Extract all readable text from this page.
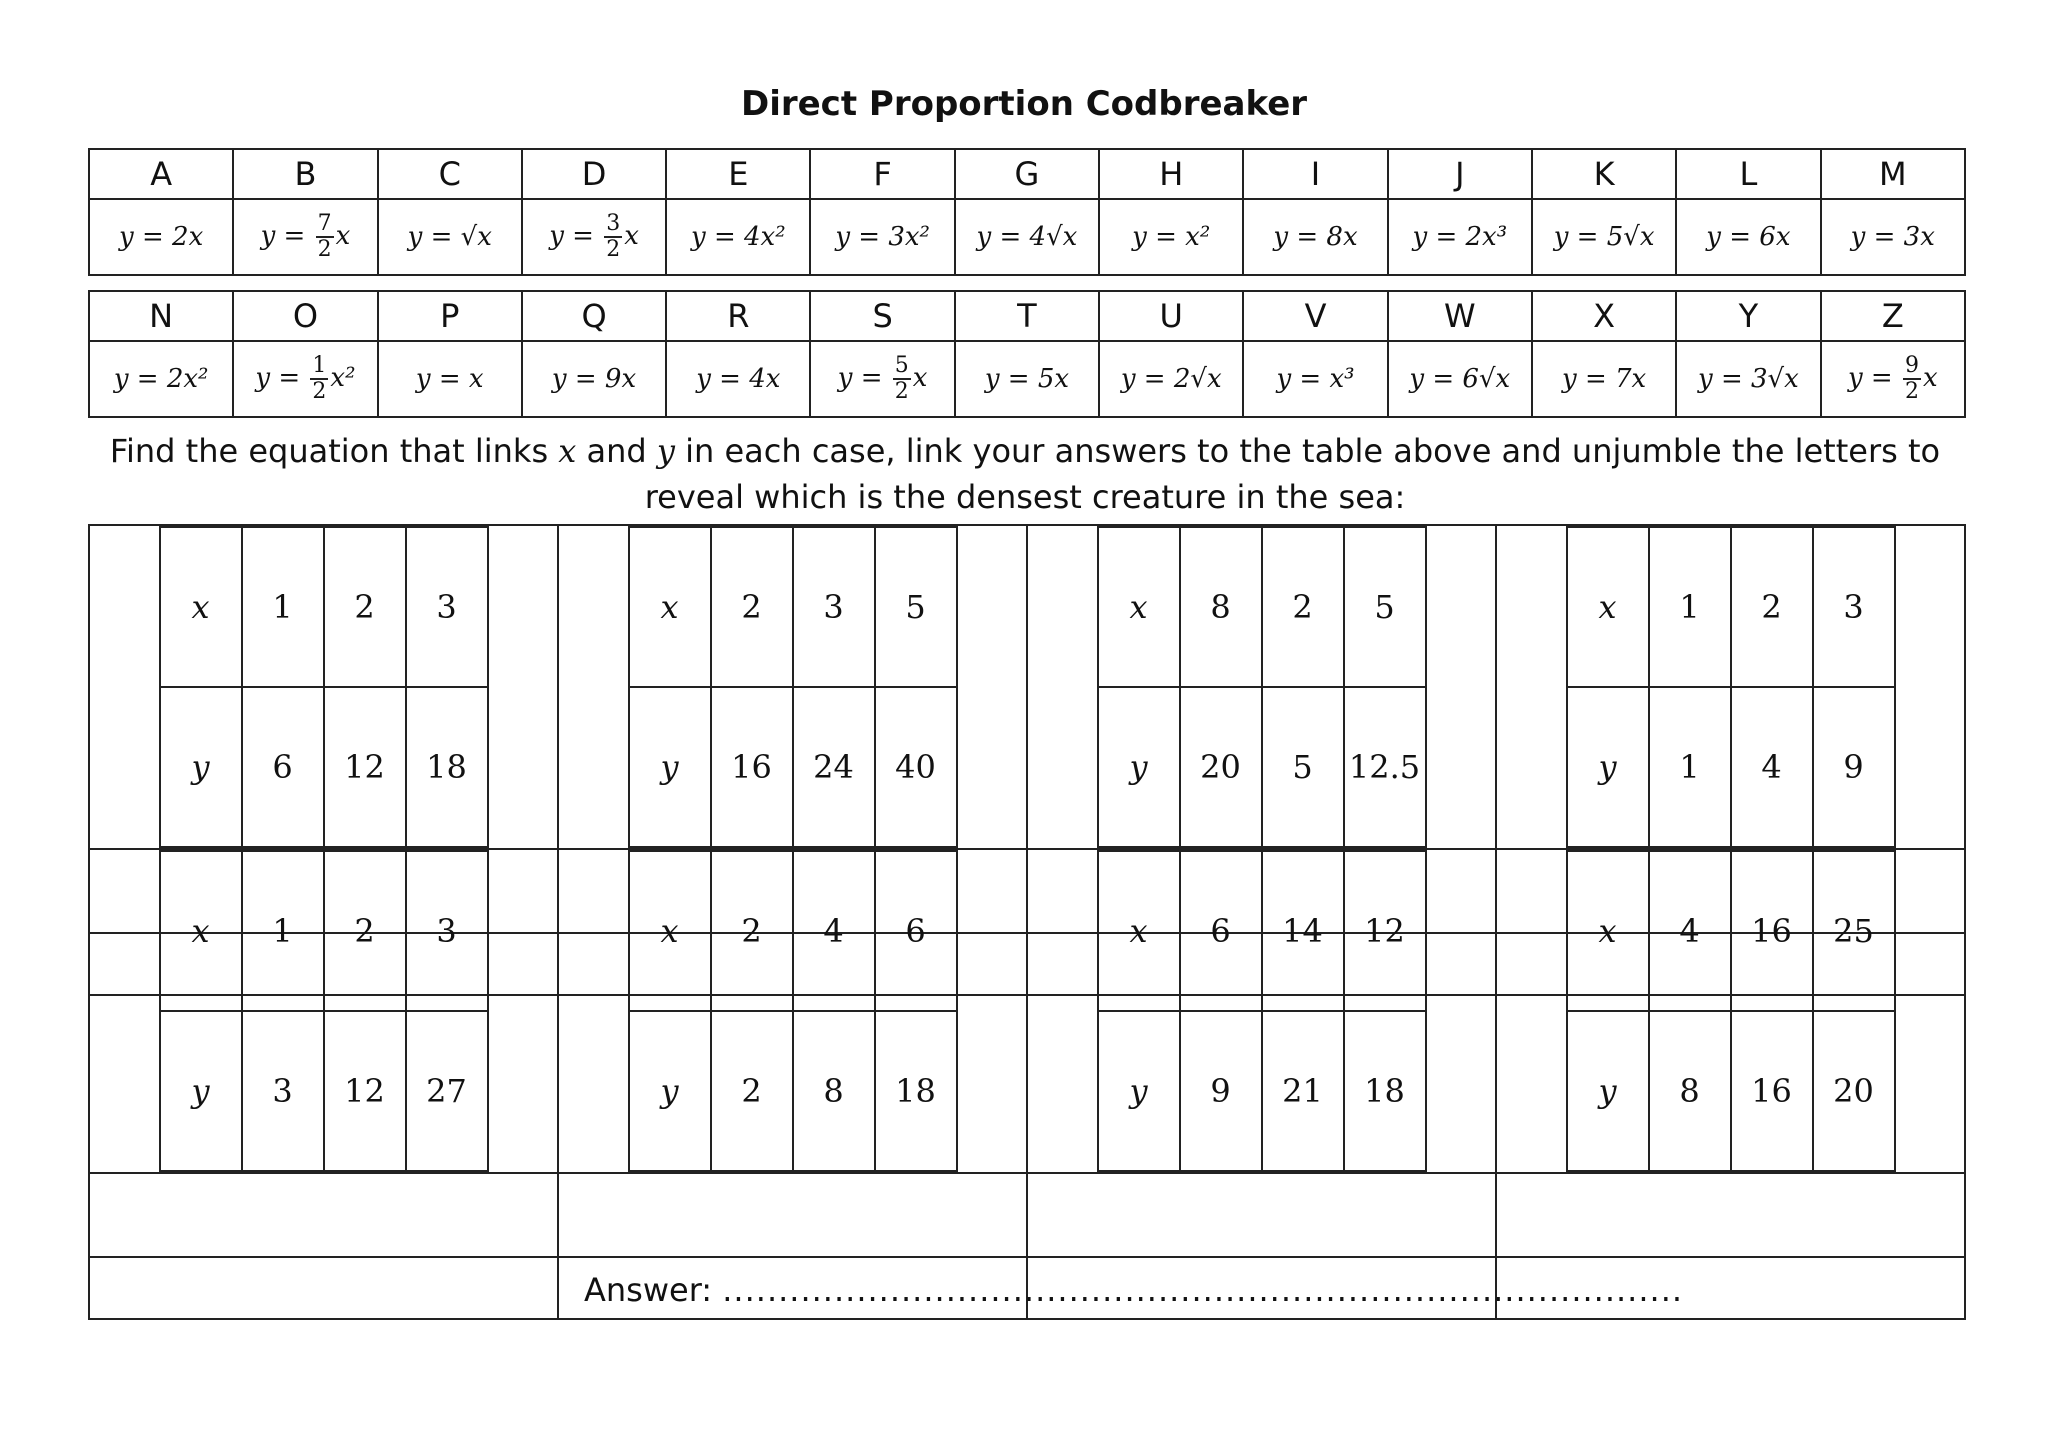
Direct Proportion Codbreaker
A	B	C	D	E	F	G	H	I	J	K	L	M
y = 2x	$y = \frac{7}{2}$ x	y = √x	$y = \frac{3}{2}$ x	y = 4x²	y = 3x²	y = 4√x	y = x²	y = 8x	y = 2x³	y = 5√x	y = 6x	y = 3x
N	O	P	Q	R	S	T	U	V	W	X	Y	Z
y = 2x²	$y = \frac{1}{2} x^2$	y = x	y = 9x	y = 4x	$y = \frac{5}{2}$ x	y = 5x	y = 2√x	y = x³	y = 6√x	y = 7x	y = 3√x	$y = \frac{9}{2}$ x
Find the equation that links x and y in each case, link your answers to the table above and unjumble the letters to reveal which is the densest creature in the sea:
x	1	2	3
y	6	12	18

x	2	3	5
y	16	24	40

x	8	2	5
y	20	5	12.5

x	1	2	3
y	1	4	9

x	1	2	3
y	3	12	27

x	2	4	6
y	2	8	18

x	6	14	12
y	9	21	18

x	4	16	25
y	8	16	20

Answer: ......................................................................................
